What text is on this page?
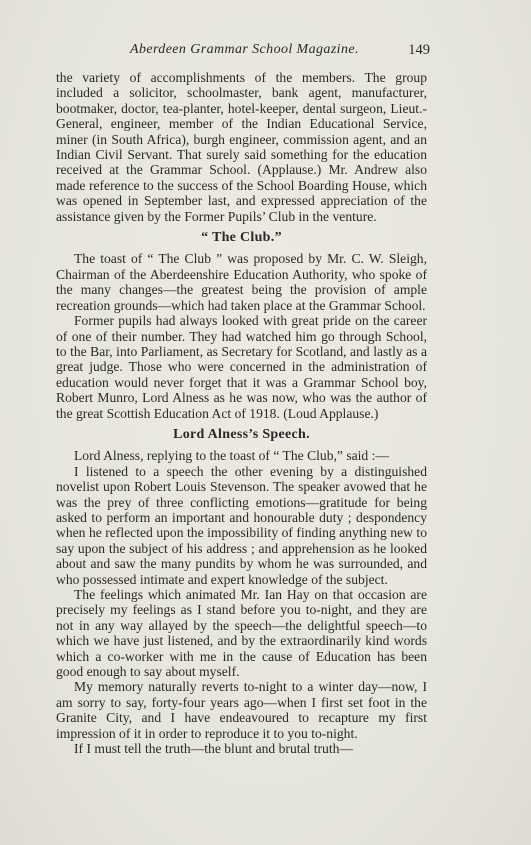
Aberdeen Grammar School Magazine.	149

the variety of accomplishments of the members. The group included a solicitor, schoolmaster, bank agent, manufacturer, bootmaker, doctor, tea-planter, hotel-keeper, dental surgeon, Lieut.-General, engineer, member of the Indian Educational Service, miner (in South Africa), burgh engineer, commission agent, and an Indian Civil Servant. That surely said something for the education received at the Grammar School. (Applause.) Mr. Andrew also made reference to the success of the School Boarding House, which was opened in September last, and expressed appreciation of the assistance given by the Former Pupils’ Club in the venture.

“ The Club.”

The toast of “ The Club ” was proposed by Mr. C. W. Sleigh, Chairman of the Aberdeenshire Education Authority, who spoke of the many changes—the greatest being the provision of ample recreation grounds—which had taken place at the Grammar School.

Former pupils had always looked with great pride on the career of one of their number. They had watched him go through School, to the Bar, into Parliament, as Secretary for Scotland, and lastly as a great judge. Those who were concerned in the administration of education would never forget that it was a Grammar School boy, Robert Munro, Lord Alness as he was now, who was the author of the great Scottish Education Act of 1918. (Loud Applause.)

Lord Alness’s Speech.

Lord Alness, replying to the toast of “ The Club,” said :—

I listened to a speech the other evening by a distinguished novelist upon Robert Louis Stevenson. The speaker avowed that he was the prey of three conflicting emotions—gratitude for being asked to perform an important and honourable duty ; despondency when he reflected upon the impossibility of finding anything new to say upon the subject of his address ; and apprehension as he looked about and saw the many pundits by whom he was surrounded, and who possessed intimate and expert knowledge of the subject.

The feelings which animated Mr. Ian Hay on that occasion are precisely my feelings as I stand before you to-night, and they are not in any way allayed by the speech—the delightful speech—to which we have just listened, and by the extraordinarily kind words which a co-worker with me in the cause of Education has been good enough to say about myself.

My memory naturally reverts to-night to a winter day—now, I am sorry to say, forty-four years ago—when I first set foot in the Granite City, and I have endeavoured to recapture my first impression of it in order to reproduce it to you to-night.

If I must tell the truth—the blunt and brutal truth—
